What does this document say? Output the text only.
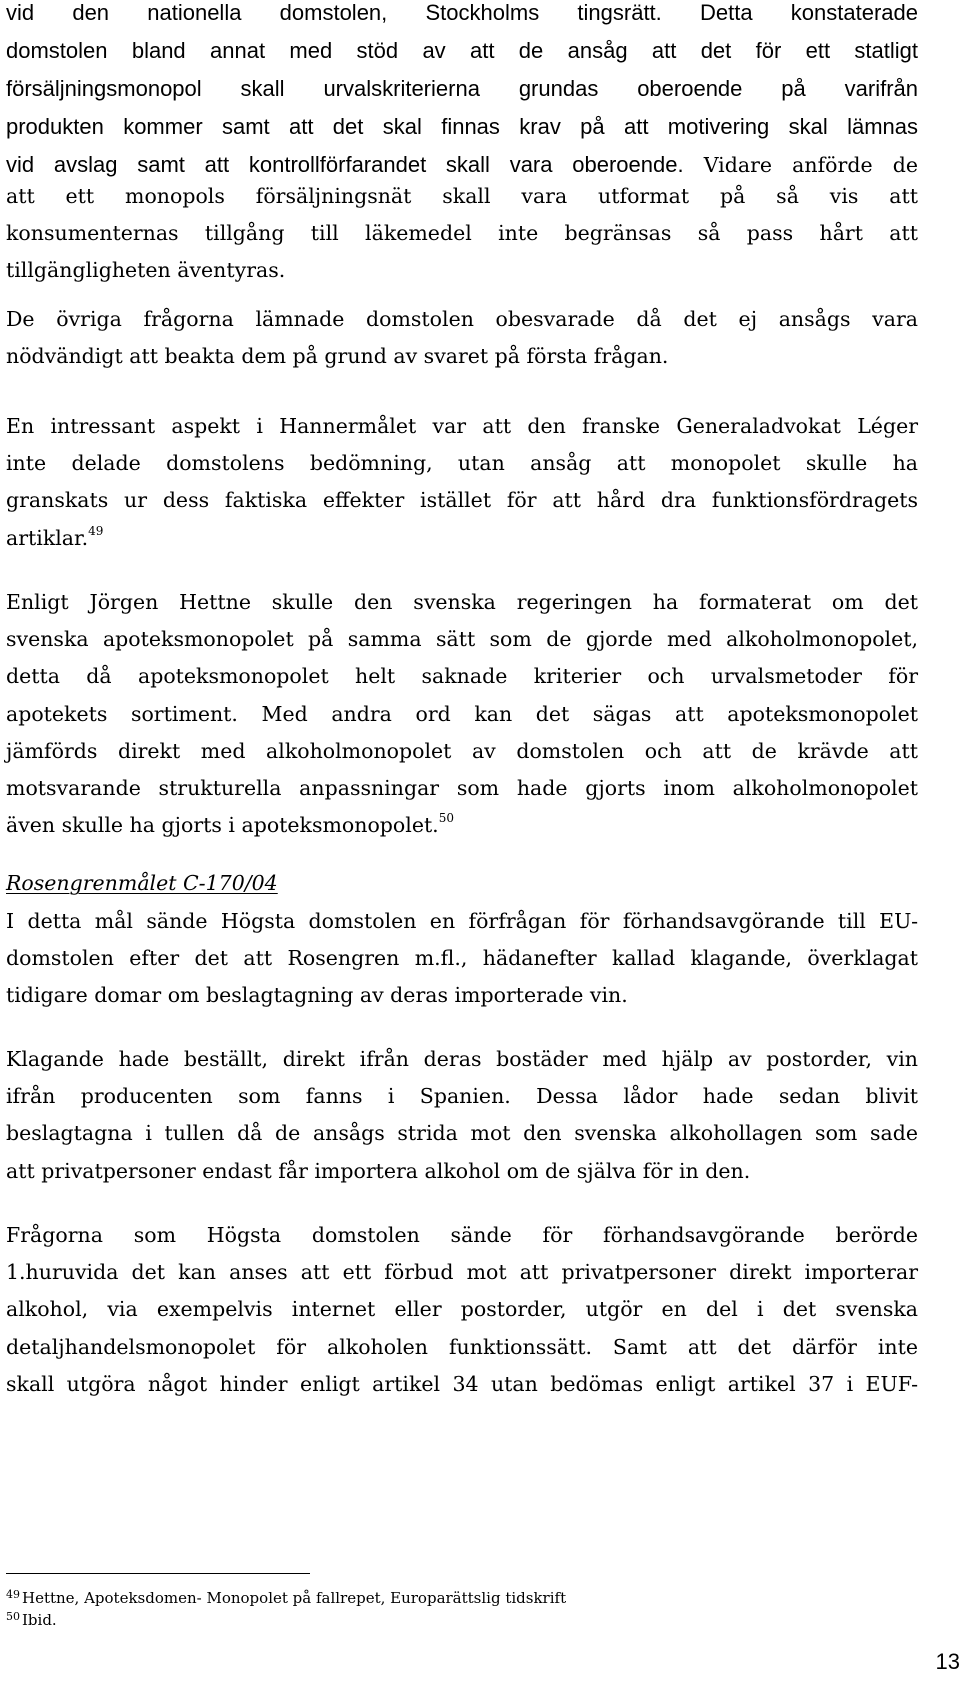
vid den nationella domstolen, Stockholms tingsrätt. Detta konstaterade
domstolen bland annat med stöd av att de ansåg att det för ett statligt
försäljningsmonopol skall urvalskriterierna grundas oberoende på varifrån
produkten kommer samt att det skal finnas krav på att motivering skal lämnas
vid avslag samt att kontrollförfarandet skall vara oberoende. Vidare anförde de
att ett monopols försäljningsnät skall vara utformat på så vis att
konsumenternas tillgång till läkemedel inte begränsas så pass hårt att
tillgängligheten äventyras.
De övriga frågorna lämnade domstolen obesvarade då det ej ansågs vara
nödvändigt att beakta dem på grund av svaret på första frågan.
En intressant aspekt i Hannermålet var att den franske Generaladvokat Léger
inte delade domstolens bedömning, utan ansåg att monopolet skulle ha
granskats ur dess faktiska effekter istället för att hård dra funktionsfördragets
artiklar.$^{49}$
Enligt Jörgen Hettne skulle den svenska regeringen ha formaterat om det
svenska apoteksmonopolet på samma sätt som de gjorde med alkoholmonopolet,
detta då apoteksmonopolet helt saknade kriterier och urvalsmetoder för
apotekets sortiment. Med andra ord kan det sägas att apoteksmonopolet
jämförds direkt med alkoholmonopolet av domstolen och att de krävde att
motsvarande strukturella anpassningar som hade gjorts inom alkoholmonopolet
även skulle ha gjorts i apoteksmonopolet.$^{50}$
Rosengrenmålet C-170/04
I detta mål sände Högsta domstolen en förfrågan för förhandsavgörande till EU-
domstolen efter det att Rosengren m.fl., hädanefter kallad klagande, överklagat
tidigare domar om beslagtagning av deras importerade vin.
Klagande hade beställt, direkt ifrån deras bostäder med hjälp av postorder, vin
ifrån producenten som fanns i Spanien. Dessa lådor hade sedan blivit
beslagtagna i tullen då de ansågs strida mot den svenska alkohollagen som sade
att privatpersoner endast får importera alkohol om de själva för in den.
Frågorna som Högsta domstolen sände för förhandsavgörande berörde
1.huruvida det kan anses att ett förbud mot att privatpersoner direkt importerar
alkohol, via exempelvis internet eller postorder, utgör en del i det svenska
detaljhandelsmonopolet för alkoholen funktionssätt. Samt att det därför inte
skall utgöra något hinder enligt artikel 34 utan bedömas enligt artikel 37 i EUF-
$^{49}$ Hettne, Apoteksdomen- Monopolet på fallrepet, Europarättslig tidskrift
$^{50}$ Ibid.
13
